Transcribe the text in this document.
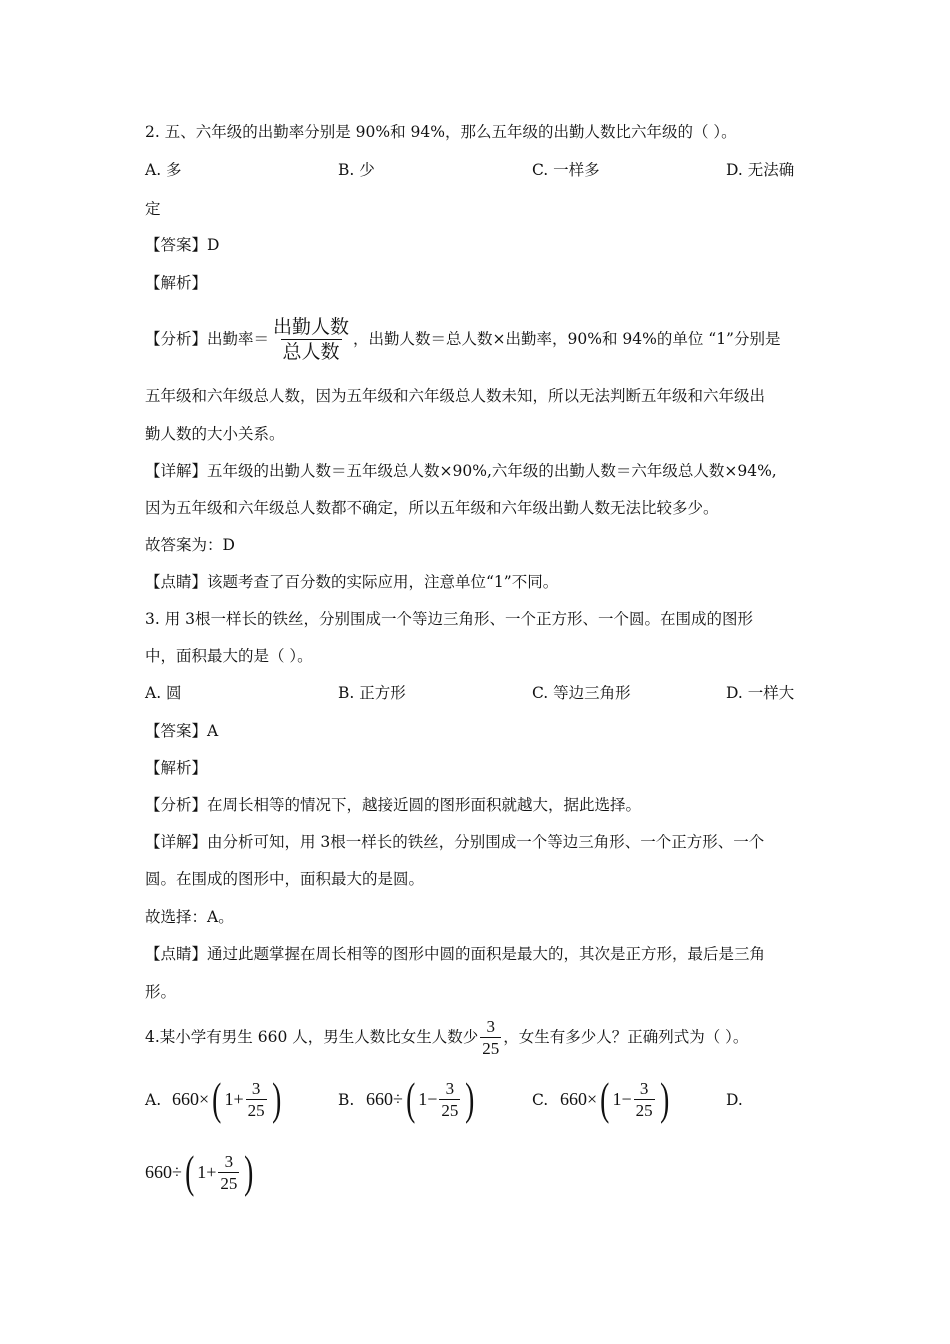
2. 五、六年级的出勤率分别是 90%和 94%，那么五年级的出勤人数比六年级的（ ）。
A. 多	B. 少	C. 一样多	D. 无法确
定
【答案】D
【解析】
【分析】出勤率＝ $\frac{\text{出勤人数}}{\text{总人数}}$ ，出勤人数＝总人数×出勤率，90%和 94%的单位 “1”分别是
五年级和六年级总人数，因为五年级和六年级总人数未知，所以无法判断五年级和六年级出
勤人数的大小关系。
【详解】五年级的出勤人数＝五年级总人数×90%,六年级的出勤人数＝六年级总人数×94%,
因为五年级和六年级总人数都不确定，所以五年级和六年级出勤人数无法比较多少。
故答案为：D
【点睛】该题考查了百分数的实际应用，注意单位“1”不同。
3. 用 3根一样长的铁丝，分别围成一个等边三角形、一个正方形、一个圆。在围成的图形
中，面积最大的是（ ）。
A. 圆	B. 正方形	C. 等边三角形	D. 一样大
【答案】A
【解析】
【分析】在周长相等的情况下，越接近圆的图形面积就越大，据此选择。
【详解】由分析可知，用 3根一样长的铁丝，分别围成一个等边三角形、一个正方形、一个
圆。在围成的图形中，面积最大的是圆。
故选择：A。
【点睛】通过此题掌握在周长相等的图形中圆的面积是最大的，其次是正方形，最后是三角
形。
4.某小学有男生 660 人，男生人数比女生人数少 $\frac{3}{25}$ ，女生有多少人？正确列式为（ ）。
A. 660 × ( $1 + \frac{3}{25}$ )	B. 660 ÷ ( $1 - \frac{3}{25}$ )	C. 660 × ( $1 - \frac{3}{25}$ )	D.
660 ÷ ( $1 + \frac{3}{25}$ )
